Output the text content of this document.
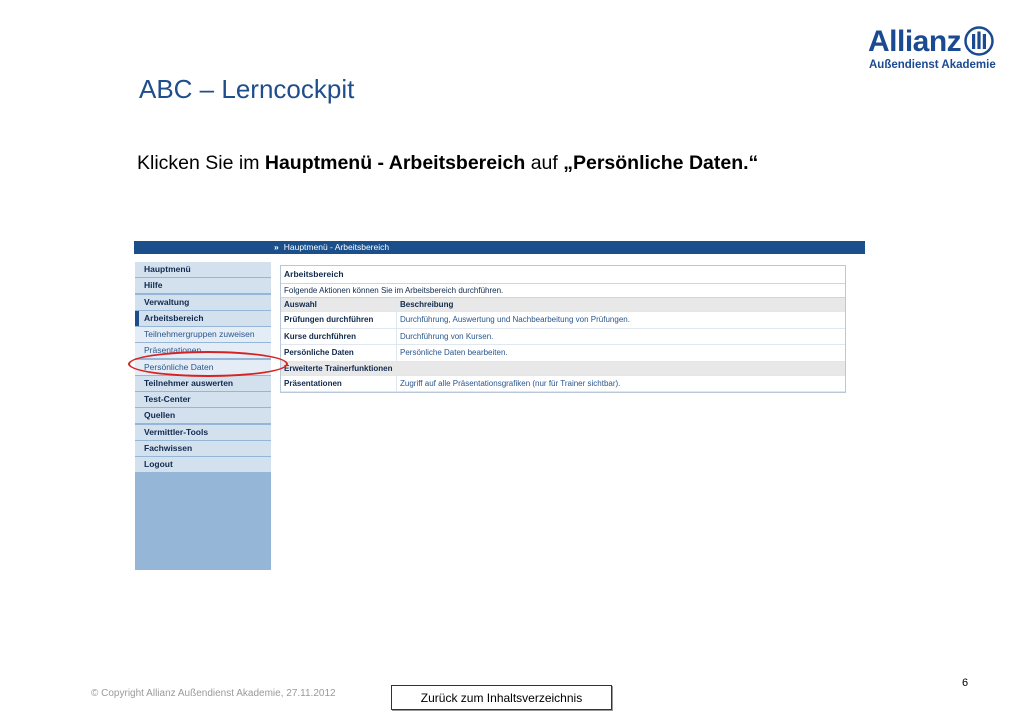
ABC – Lerncockpit
Allianz
Außendienst Akademie
Klicken Sie im Hauptmenü - Arbeitsbereich auf „Persönliche Daten.“
» Hauptmenü - Arbeitsbereich
Hauptmenü
Hilfe
Verwaltung
Arbeitsbereich
Teilnehmergruppen zuweisen
Präsentationen
Persönliche Daten
Teilnehmer auswerten
Test-Center
Quellen
Vermittler-Tools
Fachwissen
Logout
Arbeitsbereich
Folgende Aktionen können Sie im Arbeitsbereich durchführen.
Auswahl	Beschreibung
Prüfungen durchführen	Durchführung, Auswertung und Nachbearbeitung von Prüfungen.
Kurse durchführen	Durchführung von Kursen.
Persönliche Daten	Persönliche Daten bearbeiten.
Erweiterte Trainerfunktionen
Präsentationen	Zugriff auf alle Präsentationsgrafiken (nur für Trainer sichtbar).
© Copyright Allianz Außendienst Akademie, 27.11.2012	Zurück zum Inhaltsverzeichnis
6
